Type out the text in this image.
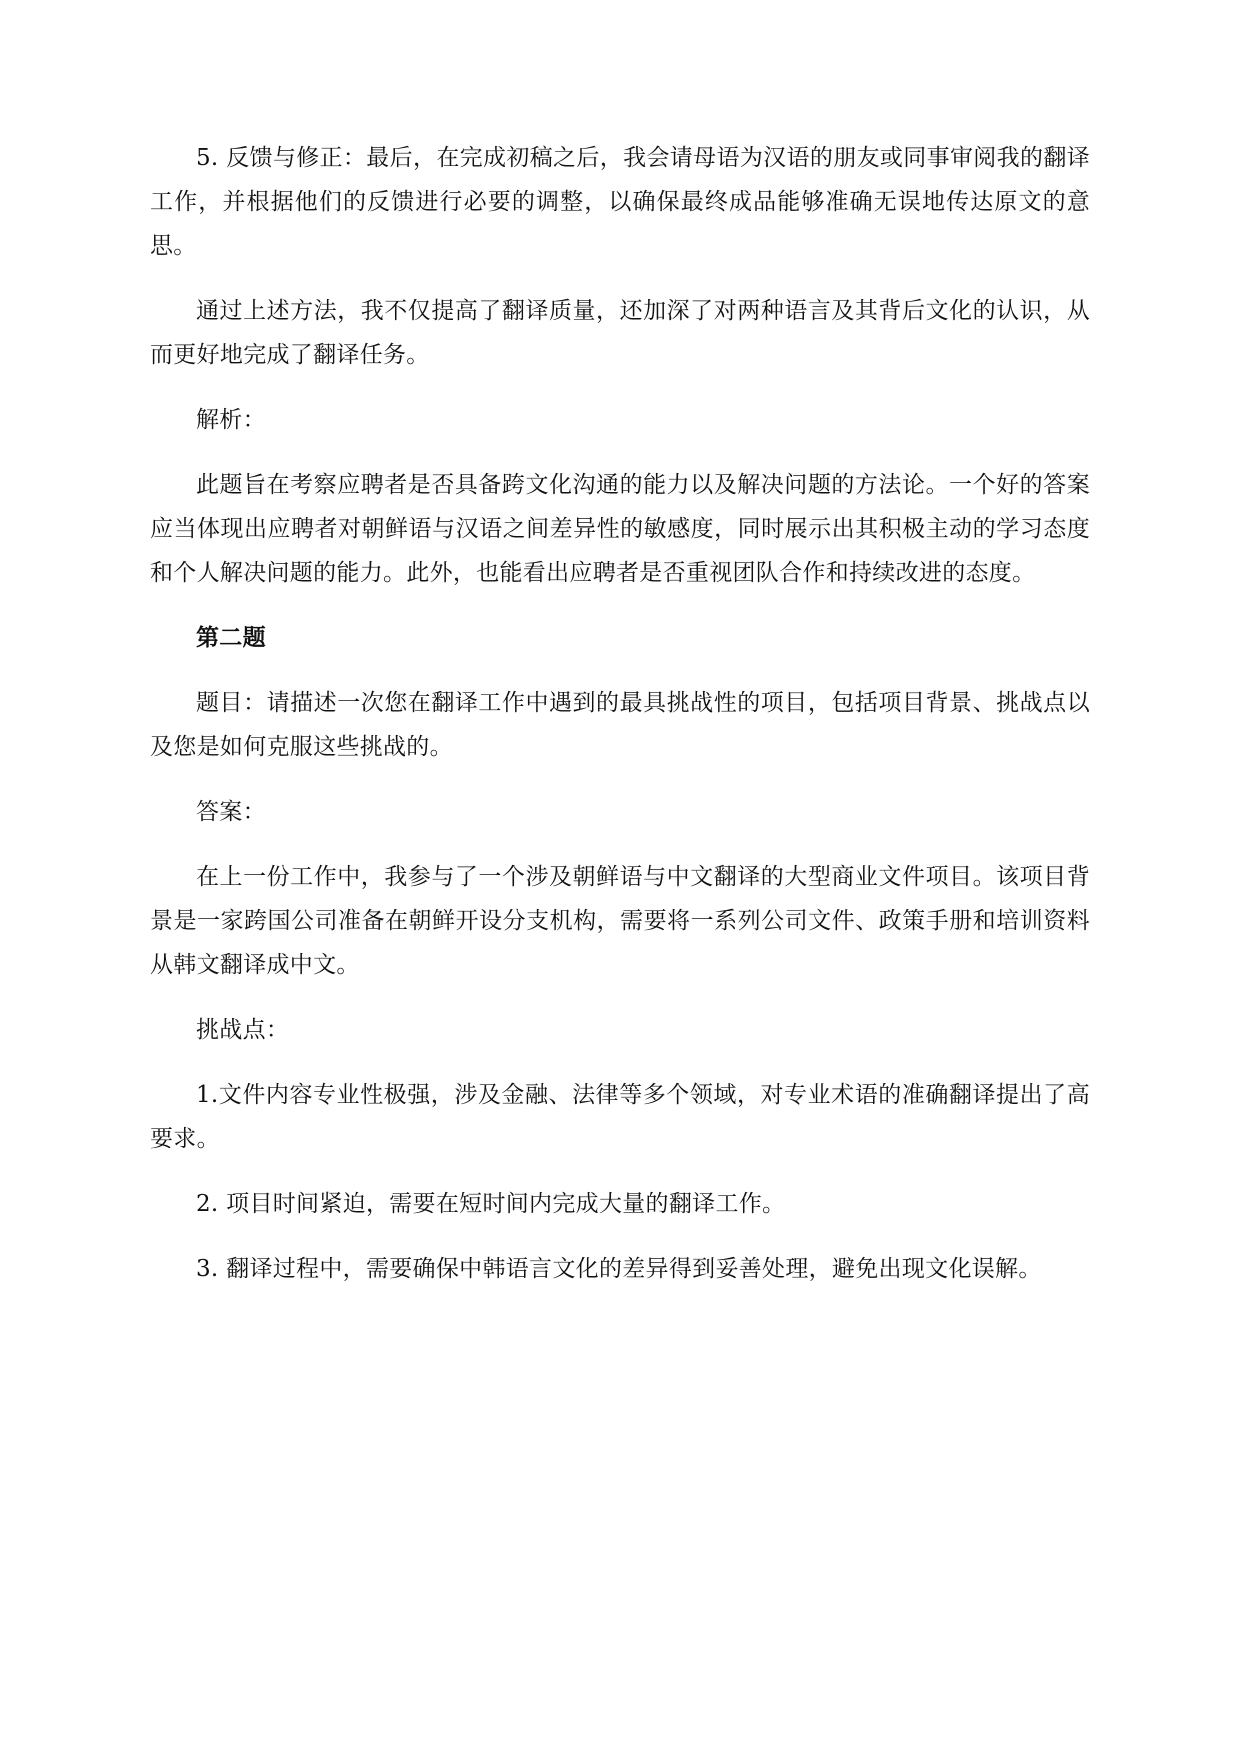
5. 反馈与修正：最后，在完成初稿之后，我会请母语为汉语的朋友或同事审阅我的翻译工作，并根据他们的反馈进行必要的调整，以确保最终成品能够准确无误地传达原文的意思。

通过上述方法，我不仅提高了翻译质量，还加深了对两种语言及其背后文化的认识，从而更好地完成了翻译任务。

解析：

此题旨在考察应聘者是否具备跨文化沟通的能力以及解决问题的方法论。一个好的答案应当体现出应聘者对朝鲜语与汉语之间差异性的敏感度，同时展示出其积极主动的学习态度和个人解决问题的能力。此外，也能看出应聘者是否重视团队合作和持续改进的态度。

第二题

题目：请描述一次您在翻译工作中遇到的最具挑战性的项目，包括项目背景、挑战点以及您是如何克服这些挑战的。

答案：

在上一份工作中，我参与了一个涉及朝鲜语与中文翻译的大型商业文件项目。该项目背景是一家跨国公司准备在朝鲜开设分支机构，需要将一系列公司文件、政策手册和培训资料从韩文翻译成中文。

挑战点：

1.文件内容专业性极强，涉及金融、法律等多个领域，对专业术语的准确翻译提出了高要求。

2. 项目时间紧迫，需要在短时间内完成大量的翻译工作。

3. 翻译过程中，需要确保中韩语言文化的差异得到妥善处理，避免出现文化误解。
